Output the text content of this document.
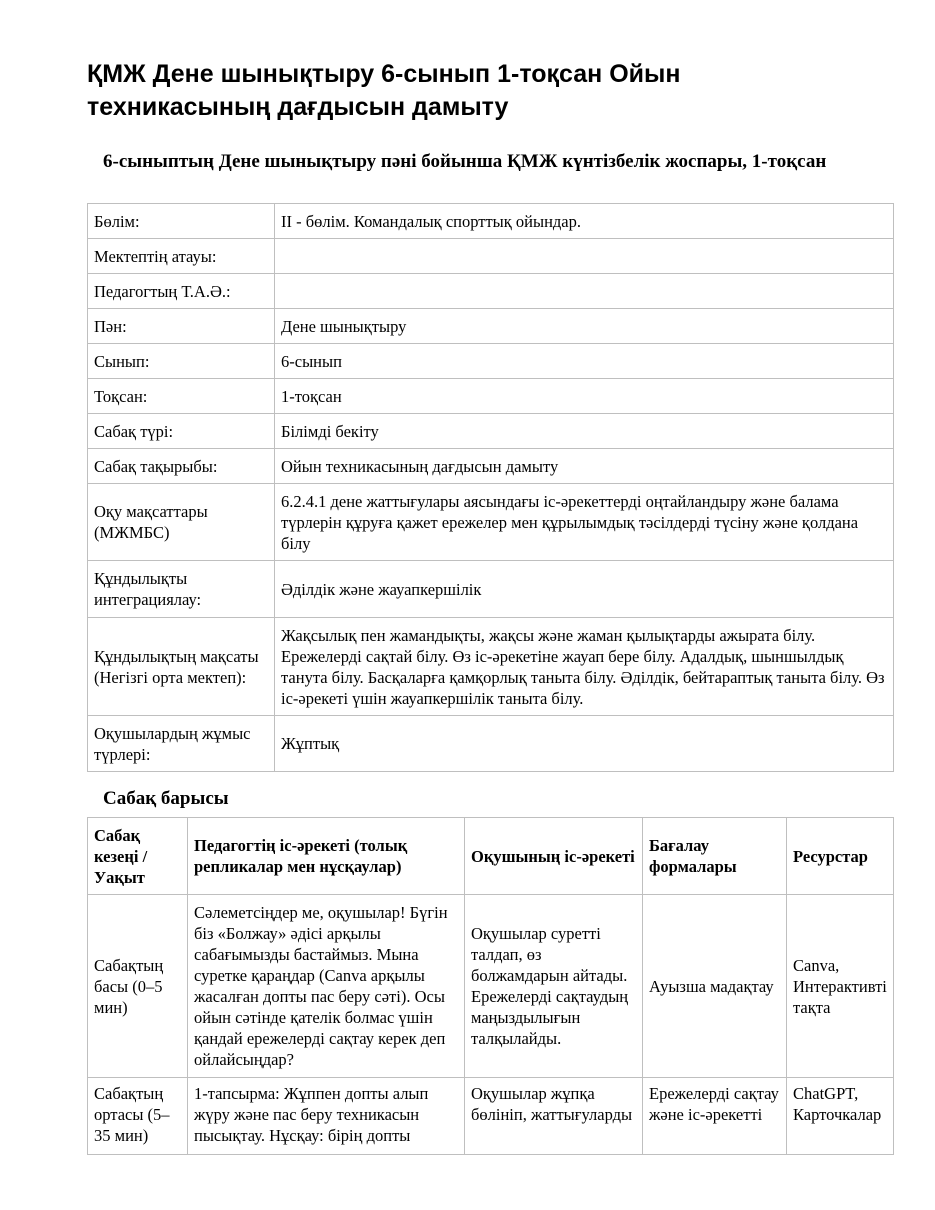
ҚМЖ Дене шынықтыру 6-сынып 1-тоқсан Ойын техникасының дағдысын дамыту
6-сыныптың Дене шынықтыру пәні бойынша ҚМЖ күнтізбелік жоспары, 1-тоқсан
Бөлім:	ІІ - бөлім. Командалық спорттық ойындар.
Мектептің атауы:	
Педагогтың Т.А.Ә.:	
Пән:	Дене шынықтыру
Сынып:	6-сынып
Тоқсан:	1-тоқсан
Сабақ түрі:	Білімді бекіту
Сабақ тақырыбы:	Ойын техникасының дағдысын дамыту
Оқу мақсаттары (МЖМБС)	6.2.4.1 дене жаттығулары аясындағы іс-әрекеттерді оңтайландыру және балама түрлерін құруға қажет ережелер мен құрылымдық тәсілдерді түсіну және қолдана білу
Құндылықты интеграциялау:	Әділдік және жауапкершілік
Құндылықтың мақсаты (Негізгі орта мектеп):	Жақсылық пен жамандықты, жақсы және жаман қылықтарды ажырата білу. Ережелерді сақтай білу. Өз іс-әрекетіне жауап бере білу. Адалдық, шыншылдық танyта білу. Басқаларға қамқорлық таныта білу. Әділдік, бейтараптық таныта білу. Өз іс-әрекеті үшін жауапкершілік таныта білу.
Оқушылардың жұмыс түрлері:	Жұптық
Сабақ барысы
Сабақ кезеңі / Уақыт	Педагогтің іс-әрекеті (толық репликалар мен нұсқаулар)	Оқушының іс-әрекеті	Бағалау формалары	Ресурстар
Сабақтың басы (0–5 мин)	Сәлеметсіңдер ме, оқушылар! Бүгін біз «Болжау» әдісі арқылы сабағымызды бастаймыз. Мына суретке қараңдар (Canva арқылы жасалған допты пас беру сәті). Осы ойын сәтінде қателік болмас үшін қандай ережелерді сақтау керек деп ойлайсыңдар?	Оқушылар суретті талдап, өз болжамдарын айтады. Ережелерді сақтаудың маңыздылығын талқылайды.	Ауызша мадақтау	Canva, Интерактивті тақта
Сабақтың ортасы (5–35 мин)	1-тапсырма: Жұппен допты алып жүру және пас беру техникасын пысықтау. Нұсқау: бірің допты	Оқушылар жұпқа бөлініп, жаттығуларды	Ережелерді сақтау және іс-әрекетті	ChatGPT, Карточкалар
